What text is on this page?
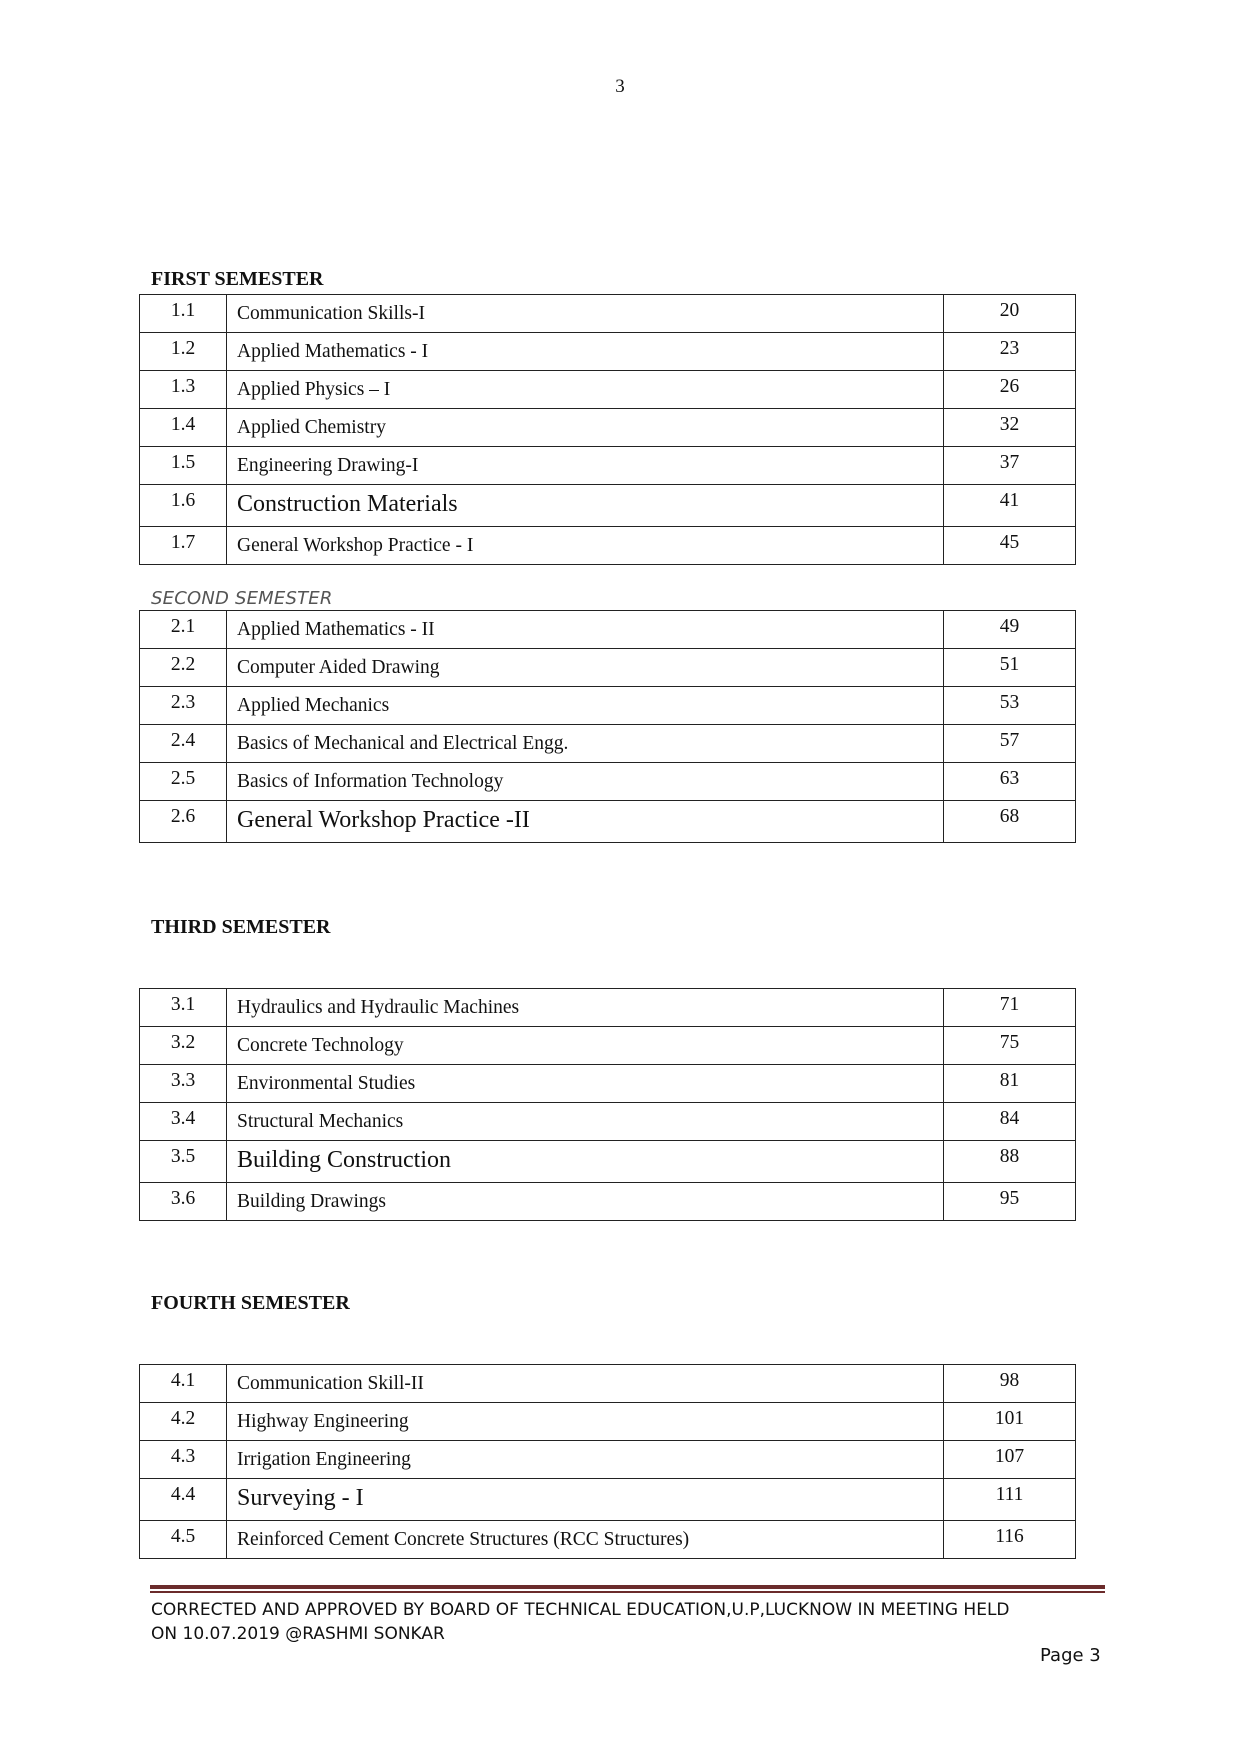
3
FIRST SEMESTER
1.1	Communication Skills-I	20
1.2	Applied Mathematics - I	23
1.3	Applied Physics – I	26
1.4	Applied Chemistry	32
1.5	Engineering Drawing-I	37
1.6	Construction Materials	41
1.7	General Workshop Practice - I	45
SECOND SEMESTER
2.1	Applied Mathematics - II	49
2.2	Computer Aided Drawing	51
2.3	Applied Mechanics	53
2.4	Basics of Mechanical and Electrical Engg.	57
2.5	Basics of Information Technology	63
2.6	General Workshop Practice -II	68
THIRD SEMESTER
3.1	Hydraulics and Hydraulic Machines	71
3.2	Concrete Technology	75
3.3	Environmental Studies	81
3.4	Structural Mechanics	84
3.5	Building Construction	88
3.6	Building Drawings	95
FOURTH SEMESTER
4.1	Communication Skill-II	98
4.2	Highway Engineering	101
4.3	Irrigation Engineering	107
4.4	Surveying - I	111
4.5	Reinforced Cement Concrete Structures (RCC Structures)	116
CORRECTED AND APPROVED BY BOARD OF TECHNICAL EDUCATION,U.P,LUCKNOW IN MEETING HELD
ON 10.07.2019 @RASHMI SONKAR
Page 3
